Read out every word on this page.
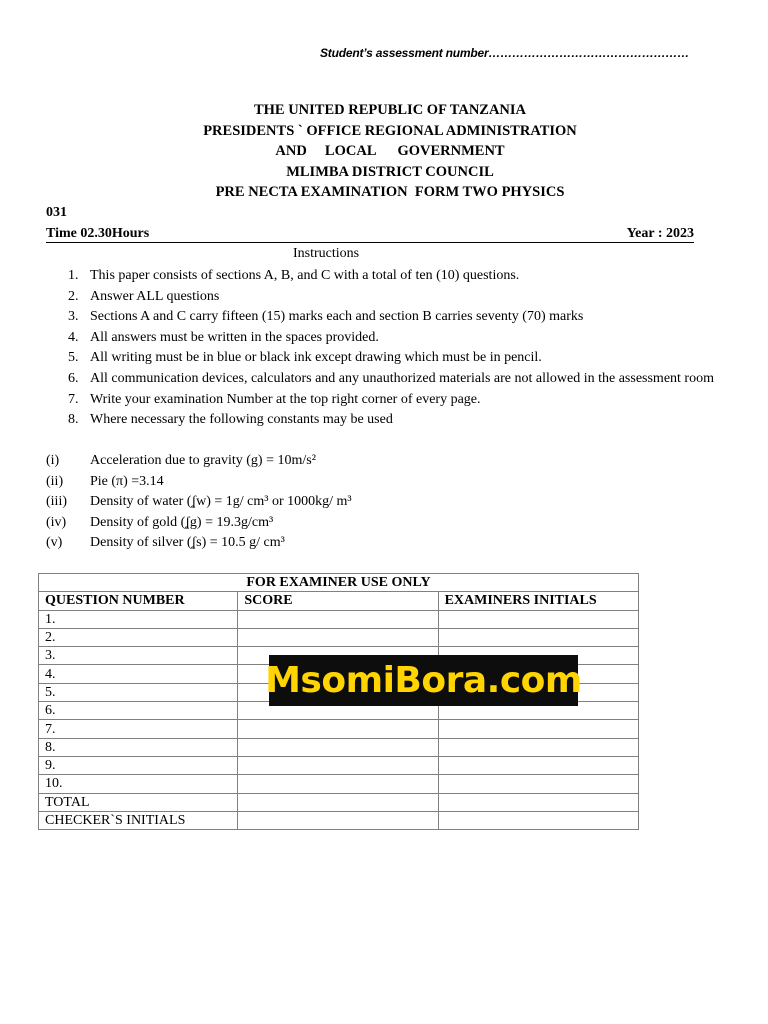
Student’s assessment number……………………………………………
THE UNITED REPUBLIC OF TANZANIA
PRESIDENTS ` OFFICE REGIONAL ADMINISTRATION
AND     LOCAL      GOVERNMENT
MLIMBA DISTRICT COUNCIL
PRE NECTA EXAMINATION  FORM TWO PHYSICS
031
Time 02.30Hours	Year : 2023
Instructions
1. This paper consists of sections A, B, and C with a total of ten (10) questions.
2. Answer ALL questions
3. Sections A and C carry fifteen (15) marks each and section B carries seventy (70) marks
4. All answers must be written in the spaces provided.
5. All writing must be in blue or black ink except drawing which must be in pencil.
6. All communication devices, calculators and any unauthorized materials are not allowed in the assessment room
7. Write your examination Number at the top right corner of every page.
8. Where necessary the following constants may be used
(i) Acceleration due to gravity (g) = 10m/s²
(ii) Pie (π) =3.14
(iii) Density of water (ʆw) = 1g/ cm³ or 1000kg/ m³
(iv) Density of gold (ʆg) = 19.3g/cm³
(v) Density of silver (ʆs) = 10.5 g/ cm³
FOR EXAMINER USE ONLY		
QUESTION NUMBER	SCORE	EXAMINERS INITIALS
1.		
2.		
3.		
4.		
5.		
6.		
7.		
8.		
9.		
10.		
TOTAL		
CHECKER`S INITIALS		
MsomiBora.com
